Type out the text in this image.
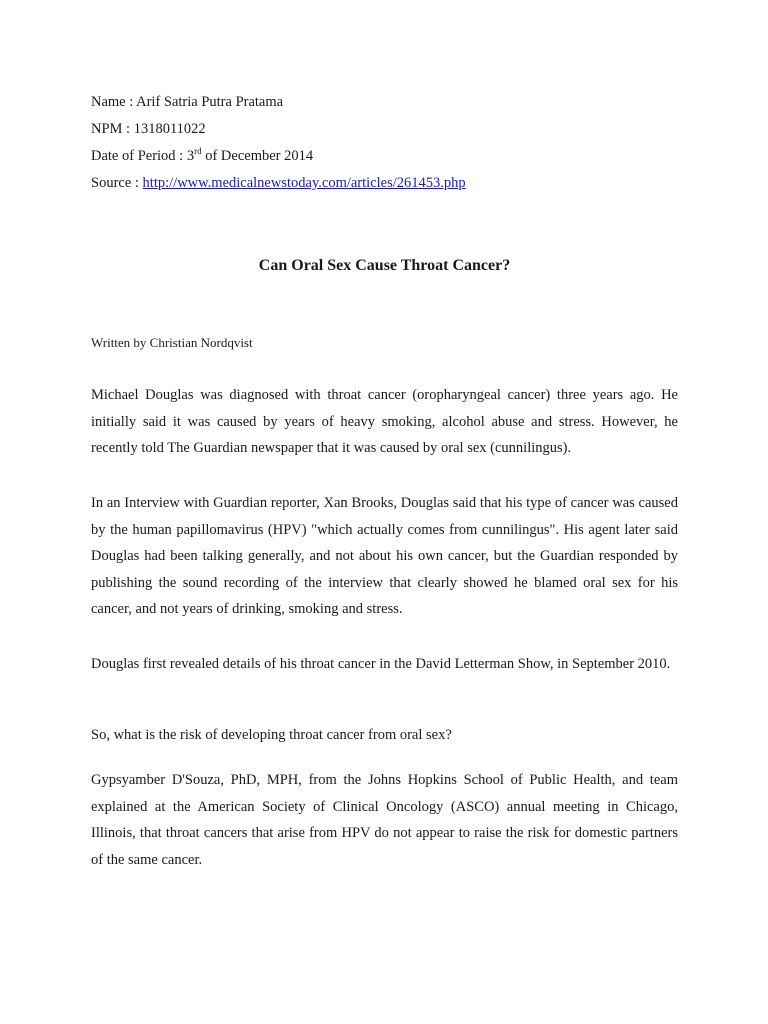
Name : Arif Satria Putra Pratama
NPM : 1318011022
Date of Period : 3rd of December 2014
Source : http://www.medicalnewstoday.com/articles/261453.php
Can Oral Sex Cause Throat Cancer?
Written by Christian Nordqvist

Michael Douglas was diagnosed with throat cancer (oropharyngeal cancer) three years ago. He initially said it was caused by years of heavy smoking, alcohol abuse and stress. However, he recently told The Guardian newspaper that it was caused by oral sex (cunnilingus).

In an Interview with Guardian reporter, Xan Brooks, Douglas said that his type of cancer was caused by the human papillomavirus (HPV) "which actually comes from cunnilingus". His agent later said Douglas had been talking generally, and not about his own cancer, but the Guardian responded by publishing the sound recording of the interview that clearly showed he blamed oral sex for his cancer, and not years of drinking, smoking and stress.

Douglas first revealed details of his throat cancer in the David Letterman Show, in September 2010.

So, what is the risk of developing throat cancer from oral sex?

Gypsyamber D'Souza, PhD, MPH, from the Johns Hopkins School of Public Health, and team explained at the American Society of Clinical Oncology (ASCO) annual meeting in Chicago, Illinois, that throat cancers that arise from HPV do not appear to raise the risk for domestic partners of the same cancer.
